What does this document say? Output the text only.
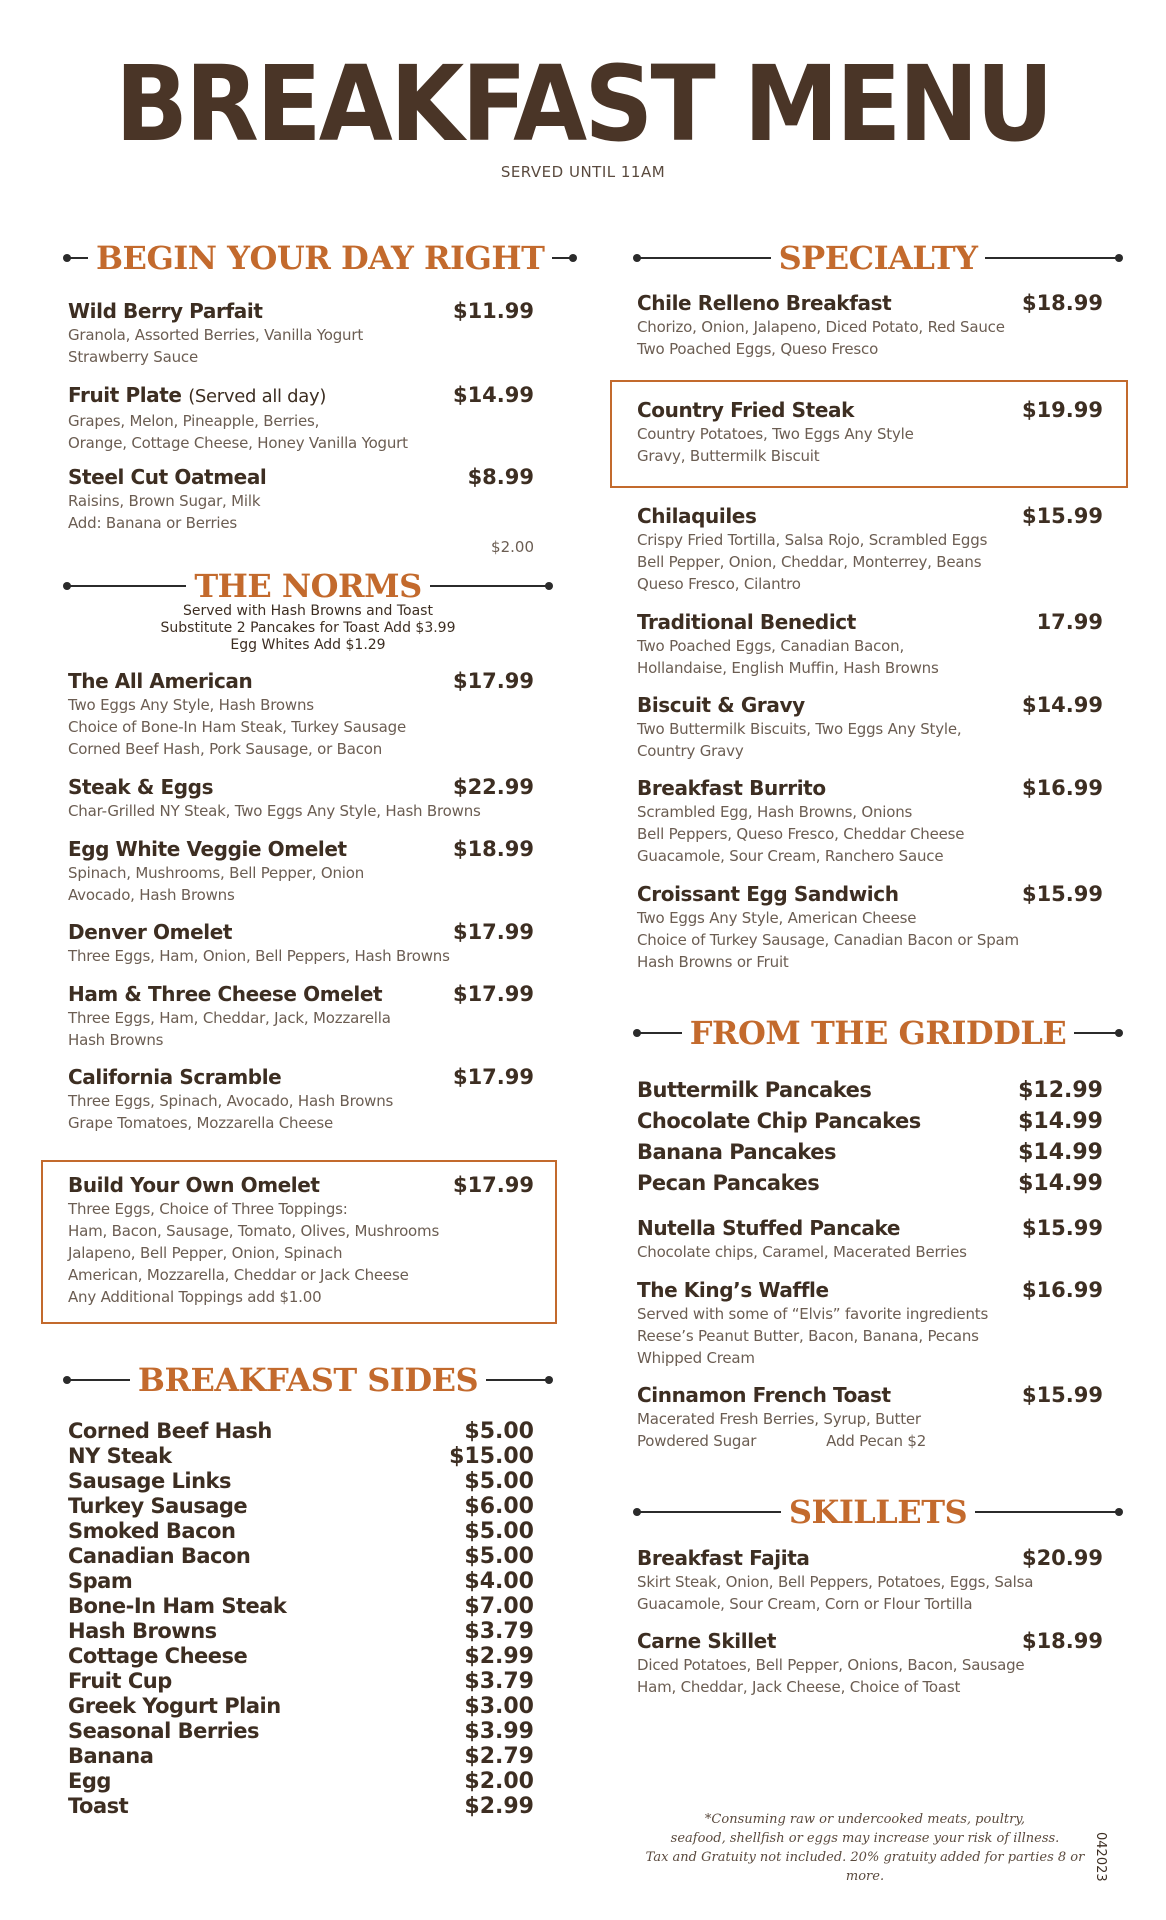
BREAKFAST MENU
SERVED UNTIL 11AM
BEGIN YOUR DAY RIGHT
Wild Berry Parfait	$11.99
Granola, Assorted Berries, Vanilla Yogurt
Strawberry Sauce
Fruit Plate (Served all day)	$14.99
Grapes, Melon, Pineapple, Berries,
Orange, Cottage Cheese, Honey Vanilla Yogurt
Steel Cut Oatmeal	$8.99
Raisins, Brown Sugar, Milk
Add: Banana or Berries
$2.00
THE NORMS
Served with Hash Browns and Toast
Substitute 2 Pancakes for Toast Add $3.99
Egg Whites Add $1.29
The All American	$17.99
Two Eggs Any Style, Hash Browns
Choice of Bone-In Ham Steak, Turkey Sausage
Corned Beef Hash, Pork Sausage, or Bacon
Steak & Eggs	$22.99
Char-Grilled NY Steak, Two Eggs Any Style, Hash Browns
Egg White Veggie Omelet	$18.99
Spinach, Mushrooms, Bell Pepper, Onion
Avocado, Hash Browns
Denver Omelet	$17.99
Three Eggs, Ham, Onion, Bell Peppers, Hash Browns
Ham & Three Cheese Omelet	$17.99
Three Eggs, Ham, Cheddar, Jack, Mozzarella
Hash Browns
California Scramble	$17.99
Three Eggs, Spinach, Avocado, Hash Browns
Grape Tomatoes, Mozzarella Cheese
Build Your Own Omelet	$17.99
Three Eggs, Choice of Three Toppings:
Ham, Bacon, Sausage, Tomato, Olives, Mushrooms
Jalapeno, Bell Pepper, Onion, Spinach
American, Mozzarella, Cheddar or Jack Cheese
Any Additional Toppings add $1.00
BREAKFAST SIDES
Corned Beef Hash	$5.00
NY Steak	$15.00
Sausage Links	$5.00
Turkey Sausage	$6.00
Smoked Bacon	$5.00
Canadian Bacon	$5.00
Spam	$4.00
Bone-In Ham Steak	$7.00
Hash Browns	$3.79
Cottage Cheese	$2.99
Fruit Cup	$3.79
Greek Yogurt Plain	$3.00
Seasonal Berries	$3.99
Banana	$2.79
Egg	$2.00
Toast	$2.99
SPECIALTY
Chile Relleno Breakfast	$18.99
Chorizo, Onion, Jalapeno, Diced Potato, Red Sauce
Two Poached Eggs, Queso Fresco
Country Fried Steak	$19.99
Country Potatoes, Two Eggs Any Style
Gravy, Buttermilk Biscuit
Chilaquiles	$15.99
Crispy Fried Tortilla, Salsa Rojo, Scrambled Eggs
Bell Pepper, Onion, Cheddar, Monterrey, Beans
Queso Fresco, Cilantro
Traditional Benedict	17.99
Two Poached Eggs, Canadian Bacon,
Hollandaise, English Muffin, Hash Browns
Biscuit & Gravy	$14.99
Two Buttermilk Biscuits, Two Eggs Any Style,
Country Gravy
Breakfast Burrito	$16.99
Scrambled Egg, Hash Browns, Onions
Bell Peppers, Queso Fresco, Cheddar Cheese
Guacamole, Sour Cream, Ranchero Sauce
Croissant Egg Sandwich	$15.99
Two Eggs Any Style, American Cheese
Choice of Turkey Sausage, Canadian Bacon or Spam
Hash Browns or Fruit
FROM THE GRIDDLE
Buttermilk Pancakes	$12.99
Chocolate Chip Pancakes	$14.99
Banana Pancakes	$14.99
Pecan Pancakes	$14.99
Nutella Stuffed Pancake	$15.99
Chocolate chips, Caramel, Macerated Berries
The King’s Waffle	$16.99
Served with some of “Elvis” favorite ingredients
Reese’s Peanut Butter, Bacon, Banana, Pecans
Whipped Cream
Cinnamon French Toast	$15.99
Macerated Fresh Berries, Syrup, Butter
Powdered Sugar	Add Pecan $2
SKILLETS
Breakfast Fajita	$20.99
Skirt Steak, Onion, Bell Peppers, Potatoes, Eggs, Salsa
Guacamole, Sour Cream, Corn or Flour Tortilla
Carne Skillet	$18.99
Diced Potatoes, Bell Pepper, Onions, Bacon, Sausage
Ham, Cheddar, Jack Cheese, Choice of Toast
*Consuming raw or undercooked meats, poultry,
seafood, shellfish or eggs may increase your risk of illness.
Tax and Gratuity not included. 20% gratuity added for parties 8 or more.	042023
